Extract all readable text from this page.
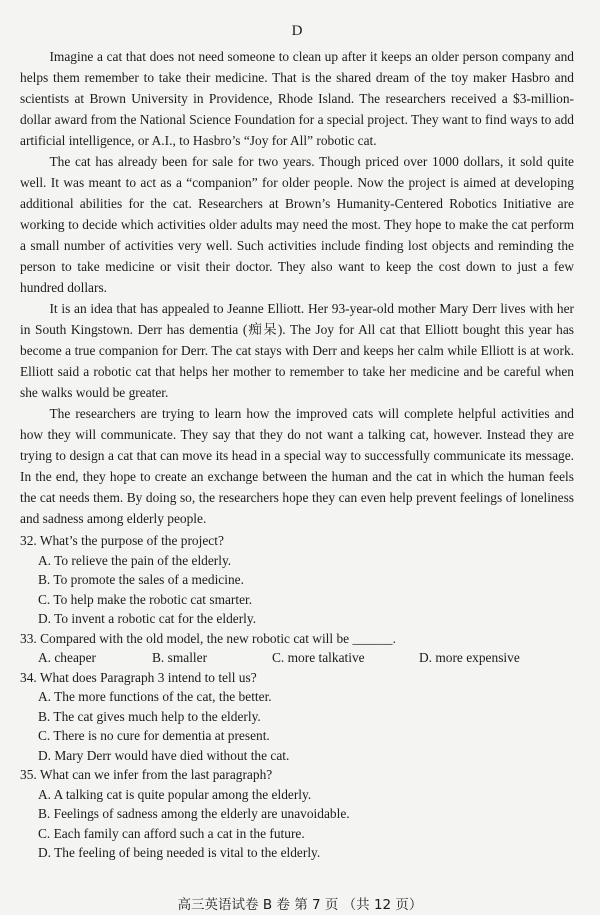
D

Imagine a cat that does not need someone to clean up after it keeps an older person company and helps them remember to take their medicine. That is the shared dream of the toy maker Hasbro and scientists at Brown University in Providence, Rhode Island. The researchers received a $3-million-dollar award from the National Science Foundation for a special project. They want to find ways to add artificial intelligence, or A.I., to Hasbro’s “Joy for All” robotic cat.

The cat has already been for sale for two years. Though priced over 1000 dollars, it sold quite well. It was meant to act as a “companion” for older people. Now the project is aimed at developing additional abilities for the cat. Researchers at Brown’s Humanity-Centered Robotics Initiative are working to decide which activities older adults may need the most. They hope to make the cat perform a small number of activities very well. Such activities include finding lost objects and reminding the person to take medicine or visit their doctor. They also want to keep the cost down to just a few hundred dollars.

It is an idea that has appealed to Jeanne Elliott. Her 93-year-old mother Mary Derr lives with her in South Kingstown. Derr has dementia (痴呆). The Joy for All cat that Elliott bought this year has become a true companion for Derr. The cat stays with Derr and keeps her calm while Elliott is at work. Elliott said a robotic cat that helps her mother to remember to take her medicine and be careful when she walks would be greater.

The researchers are trying to learn how the improved cats will complete helpful activities and how they will communicate. They say that they do not want a talking cat, however. Instead they are trying to design a cat that can move its head in a special way to successfully communicate its message. In the end, they hope to create an exchange between the human and the cat in which the human feels the cat needs them. By doing so, the researchers hope they can even help prevent feelings of loneliness and sadness among elderly people.

32. What’s the purpose of the project?

A. To relieve the pain of the elderly.
B. To promote the sales of a medicine.
C. To help make the robotic cat smarter.
D. To invent a robotic cat for the elderly.

33. Compared with the old model, the new robotic cat will be ______.

A. cheaper	B. smaller	C. more talkative	D. more expensive

34. What does Paragraph 3 intend to tell us?

A. The more functions of the cat, the better.
B. The cat gives much help to the elderly.
C. There is no cure for dementia at present.
D. Mary Derr would have died without the cat.

35. What can we infer from the last paragraph?

A. A talking cat is quite popular among the elderly.
B. Feelings of sadness among the elderly are unavoidable.
C. Each family can afford such a cat in the future.
D. The feeling of being needed is vital to the elderly.
高三英语试卷 B 卷 第 7 页 （共 12 页）
